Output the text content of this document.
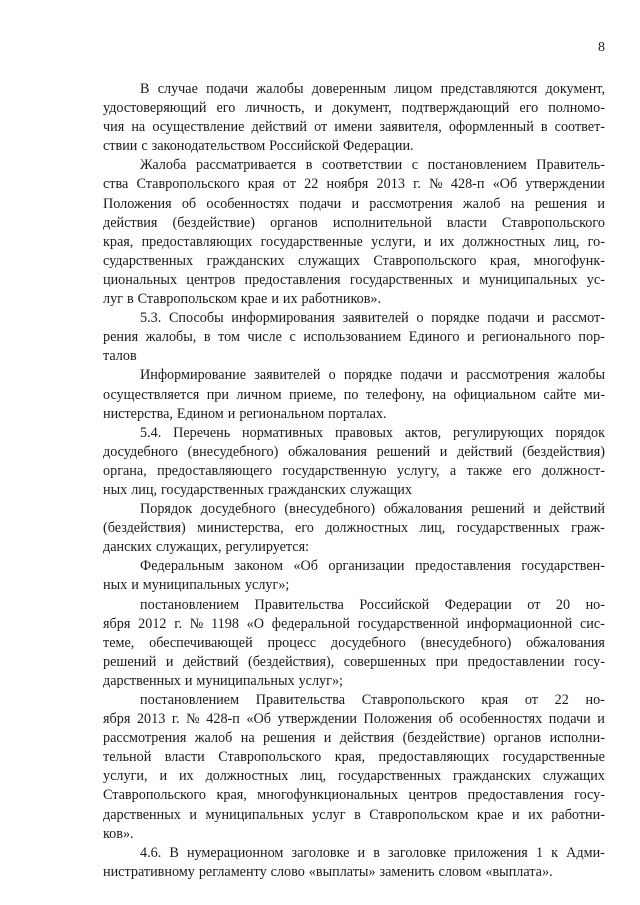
8
В случае подачи жалобы доверенным лицом представляются документ,
удостоверяющий его личность, и документ, подтверждающий его полномо-
чия на осуществление действий от имени заявителя, оформленный в соответ-
ствии с законодательством Российской Федерации.
Жалоба рассматривается в соответствии с постановлением Правитель-
ства Ставропольского края от 22 ноября 2013 г. № 428-п «Об утверждении
Положения об особенностях подачи и рассмотрения жалоб на решения и
действия (бездействие) органов исполнительной власти Ставропольского
края, предоставляющих государственные услуги, и их должностных лиц, го-
сударственных гражданских служащих Ставропольского края, многофунк-
циональных центров предоставления государственных и муниципальных ус-
луг в Ставропольском крае и их работников».
5.3. Способы информирования заявителей о порядке подачи и рассмот-
рения жалобы, в том числе с использованием Единого и регионального пор-
талов
Информирование заявителей о порядке подачи и рассмотрения жалобы
осуществляется при личном приеме, по телефону, на официальном сайте ми-
нистерства, Едином и региональном порталах.
5.4. Перечень нормативных правовых актов, регулирующих порядок
досудебного (внесудебного) обжалования решений и действий (бездействия)
органа, предоставляющего государственную услугу, а также его должност-
ных лиц, государственных гражданских служащих
Порядок досудебного (внесудебного) обжалования решений и действий
(бездействия) министерства, его должностных лиц, государственных граж-
данских служащих, регулируется:
Федеральным законом «Об организации предоставления государствен-
ных и муниципальных услуг»;
постановлением Правительства Российской Федерации от 20 но-
ября 2012 г. № 1198 «О федеральной государственной информационной сис-
теме, обеспечивающей процесс досудебного (внесудебного) обжалования
решений и действий (бездействия), совершенных при предоставлении госу-
дарственных и муниципальных услуг»;
постановлением Правительства Ставропольского края от 22 но-
ября 2013 г. № 428-п «Об утверждении Положения об особенностях подачи и
рассмотрения жалоб на решения и действия (бездействие) органов исполни-
тельной власти Ставропольского края, предоставляющих государственные
услуги, и их должностных лиц, государственных гражданских служащих
Ставропольского края, многофункциональных центров предоставления госу-
дарственных и муниципальных услуг в Ставропольском крае и их работни-
ков».
4.6. В нумерационном заголовке и в заголовке приложения 1 к Адми-
нистративному регламенту слово «выплаты» заменить словом «выплата».
